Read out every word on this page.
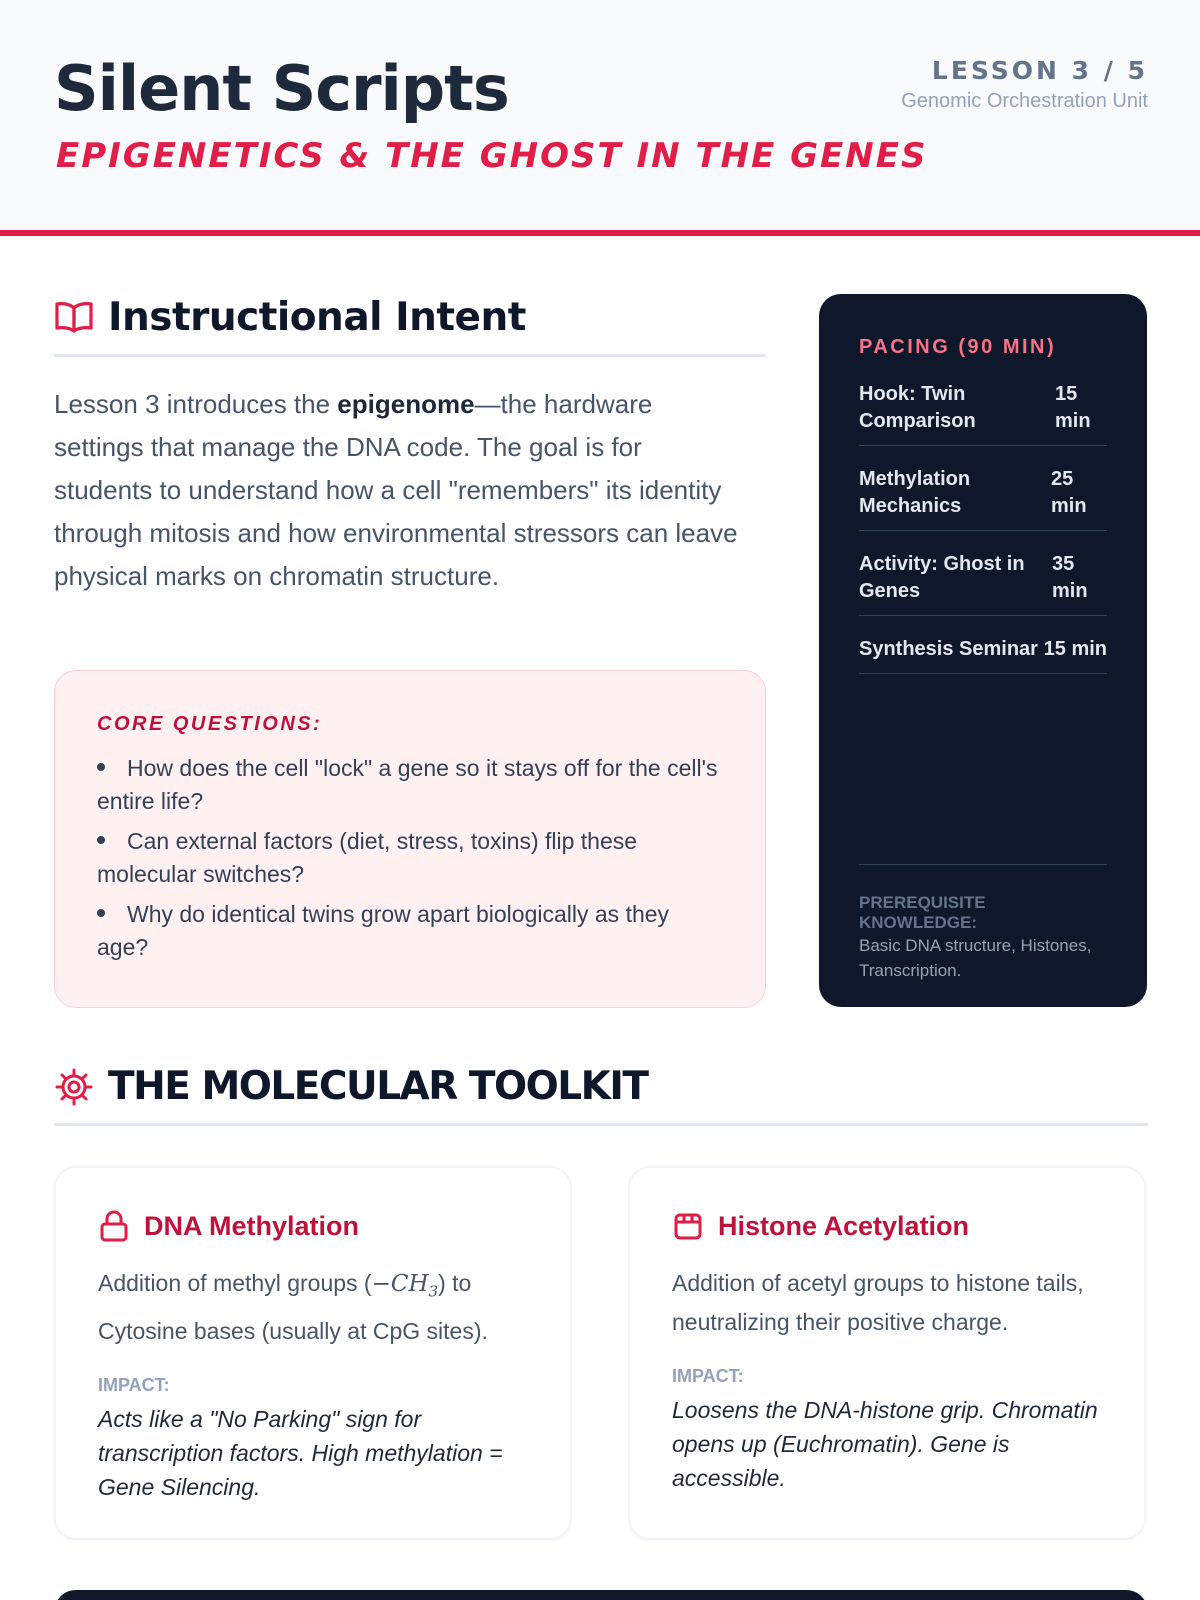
Silent Scripts
EPIGENETICS & THE GHOST IN THE GENES
LESSON 3 / 5
Genomic Orchestration Unit
Instructional Intent
Lesson 3 introduces the epigenome—the hardware settings that manage the DNA code. The goal is for students to understand how a cell "remembers" its identity through mitosis and how environmental stressors can leave physical marks on chromatin structure.
CORE QUESTIONS:
How does the cell "lock" a gene so it stays off for the cell's entire life?
Can external factors (diet, stress, toxins) flip these molecular switches?
Why do identical twins grow apart biologically as they age?
PACING (90 MIN)
Hook: Twin Comparison
15 min
Methylation Mechanics
25 min
Activity: Ghost in Genes
35 min
Synthesis Seminar 15 min
PREREQUISITE KNOWLEDGE:
Basic DNA structure, Histones, Transcription.
THE MOLECULAR TOOLKIT
DNA Methylation
Addition of methyl groups $(-CH_3)$ to Cytosine bases (usually at CpG sites).
IMPACT:
Acts like a "No Parking" sign for transcription factors. High methylation = Gene Silencing.
Histone Acetylation
Addition of acetyl groups to histone tails, neutralizing their positive charge.
IMPACT:
Loosens the DNA-histone grip. Chromatin opens up (Euchromatin). Gene is accessible.
